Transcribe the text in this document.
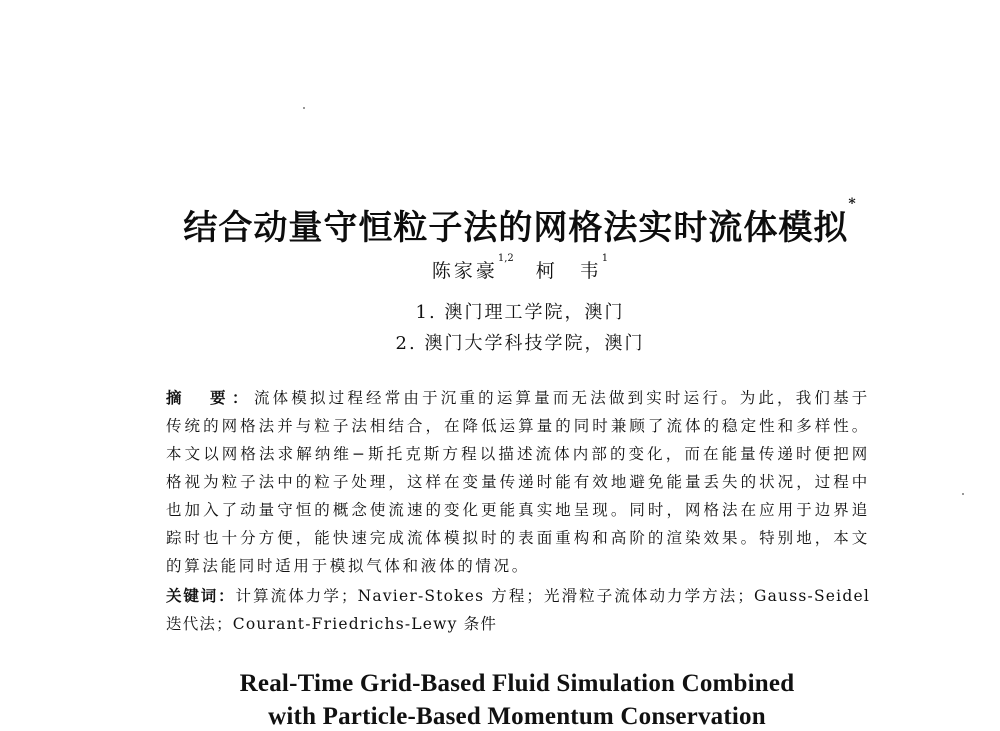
结合动量守恒粒子法的网格法实时流体模拟*
陈家豪$^{1,2}$柯　韦$^1$
1. 澳门理工学院，澳门
2. 澳门大学科技学院，澳门
摘　要：流体模拟过程经常由于沉重的运算量而无法做到实时运行。为此，我们基于传统的网格法并与粒子法相结合，在降低运算量的同时兼顾了流体的稳定性和多样性。本文以网格法求解纳维−斯托克斯方程以描述流体内部的变化，而在能量传递时便把网格视为粒子法中的粒子处理，这样在变量传递时能有效地避免能量丢失的状况，过程中也加入了动量守恒的概念使流速的变化更能真实地呈现。同时，网格法在应用于边界追踪时也十分方便，能快速完成流体模拟时的表面重构和高阶的渲染效果。特别地，本文的算法能同时适用于模拟气体和液体的情况。
关键词：计算流体力学；Navier-Stokes 方程；光滑粒子流体动力学方法；Gauss-Seidel 迭代法；Courant-Friedrichs-Lewy 条件
Real-Time Grid-Based Fluid Simulation Combined
with Particle-Based Momentum Conservation
